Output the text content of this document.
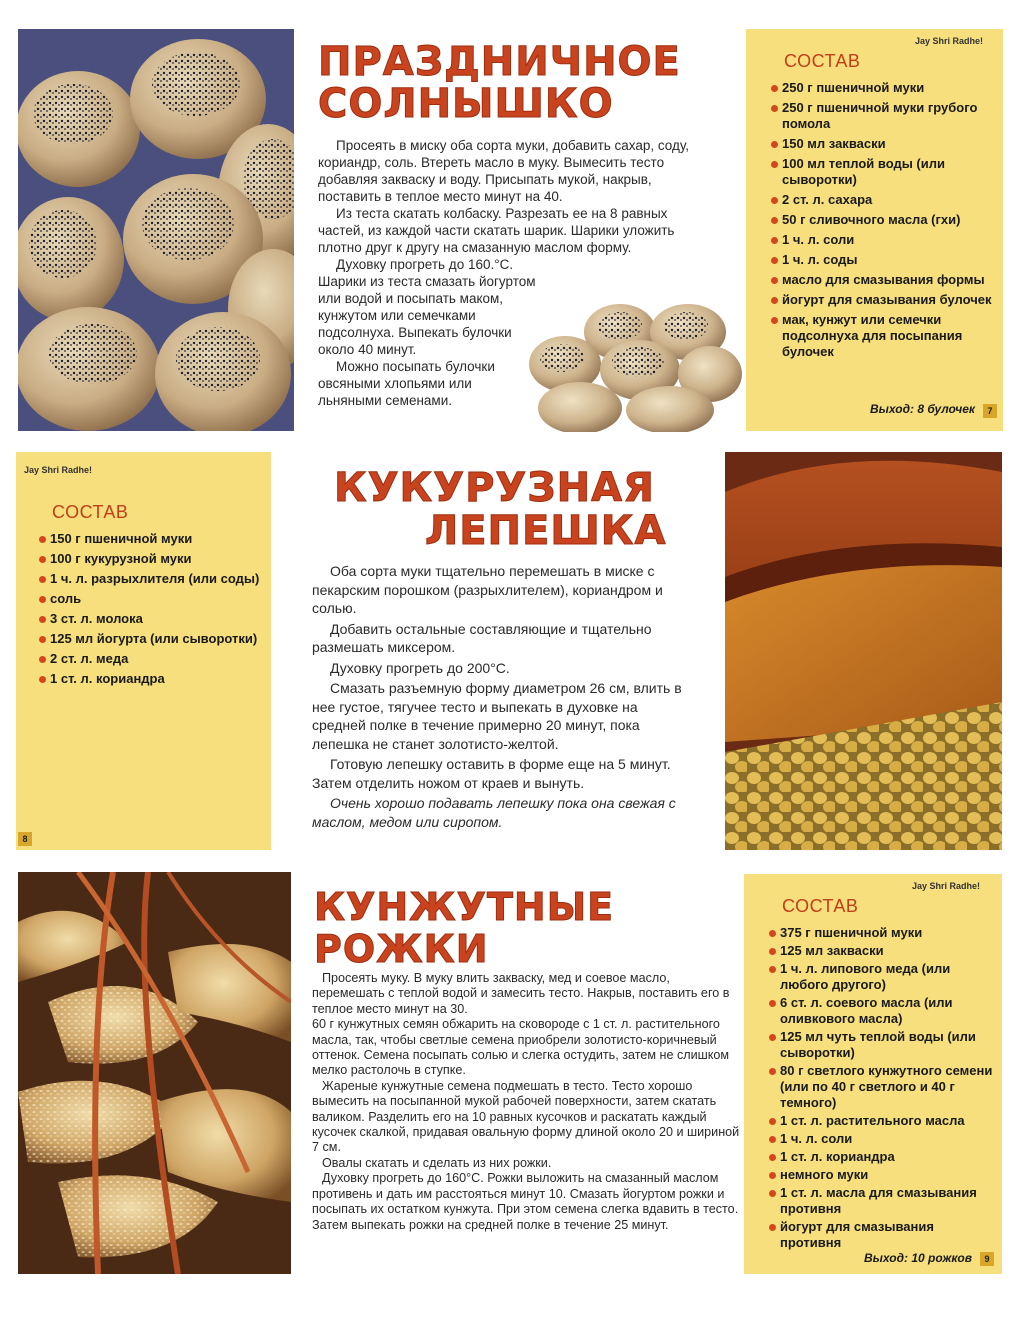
ПРАЗДНИЧНОЕ
СОЛНЫШКО

Просеять в миску оба сорта муки, добавить сахар, соду, кориандр, соль. Втереть масло в муку. Вымесить тесто добавляя закваску и воду. Присыпать мукой, накрыв, поставить в теплое место минут на 40.

Из теста скатать колбаску. Разрезать ее на 8 равных частей, из каждой части скатать шарик. Шарики уложить плотно друг к другу на смазанную маслом форму.

Духовку прогреть до 160.°С. Шарики из теста смазать йогуртом или водой и посыпать маком, кунжутом или семечками подсолнуха. Выпекать булочки около 40 минут.

Можно посыпать булочки овсяными хлопьями или льняными семенами.

Jay Shri Radhe!
СОСТАВ
250 г пшеничной муки
250 г пшеничной муки грубого помола
150 мл закваски
100 мл теплой воды (или сыворотки)
2 ст. л. сахара
50 г сливочного масла (гхи)
1 ч. л. соли
1 ч. л. соды
масло для смазывания формы
йогурт для смазывания булочек
мак, кунжут или семечки подсолнуха для посыпания булочек
Выход: 8 булочек	7
Jay Shri Radhe!
СОСТАВ
150 г пшеничной муки
100 г кукурузной муки
1 ч. л. разрыхлителя (или соды)
соль
3 ст. л. молока
125 мл йогурта (или сыворотки)
2 ст. л. меда
1 ст. л. кориандра
8
КУКУРУЗНАЯ
ЛЕПЕШКА

Оба сорта муки тщательно перемешать в миске с пекарским порошком (разрыхлителем), кориандром и солью.

Добавить остальные составляющие и тщательно размешать миксером.

Духовку прогреть до 200°С.

Смазать разъемную форму диаметром 26 см, влить в нее густое, тягучее тесто и выпекать в духовке на средней полке в течение примерно 20 минут, пока лепешка не станет золотисто-желтой.

Готовую лепешку оставить в форме еще на 5 минут. Затем отделить ножом от краев и вынуть.

Очень хорошо подавать лепешку пока она свежая с маслом, медом или сиропом.

КУНЖУТНЫЕ
РОЖКИ

Просеять муку. В муку влить закваску, мед и соевое масло, перемешать с теплой водой и замесить тесто. Накрыв, поставить его в теплое место минут на 30.

60 г кунжутных семян обжарить на сковороде с 1 ст. л. растительного масла, так, чтобы светлые семена приобрели золотисто-коричневый оттенок. Семена посыпать солью и слегка остудить, затем не слишком мелко растолочь в ступке.

Жареные кунжутные семена подмешать в тесто. Тесто хорошо вымесить на посыпанной мукой рабочей поверхности, затем скатать валиком. Разделить его на 10 равных кусочков и раскатать каждый кусочек скалкой, придавая овальную форму длиной около 20 и шириной 7 см.

Овалы скатать и сделать из них рожки.

Духовку прогреть до 160°С. Рожки выложить на смазанный маслом противень и дать им расстояться минут 10. Смазать йогуртом рожки и посыпать их остатком кунжута. При этом семена слегка вдавить в тесто. Затем выпекать рожки на средней полке в течение 25 минут.

Jay Shri Radhe!
СОСТАВ
375 г пшеничной муки
125 мл закваски
1 ч. л. липового меда (или любого другого)
6 ст. л. соевого масла (или оливкового масла)
125 мл чуть теплой воды (или сыворотки)
80 г светлого кунжутного семени (или по 40 г светлого и 40 г темного)
1 ст. л. растительного масла
1 ч. л. соли
1 ст. л. кориандра
немного муки
1 ст. л. масла для смазывания противня
йогурт для смазывания противня
Выход: 10 рожков	9
